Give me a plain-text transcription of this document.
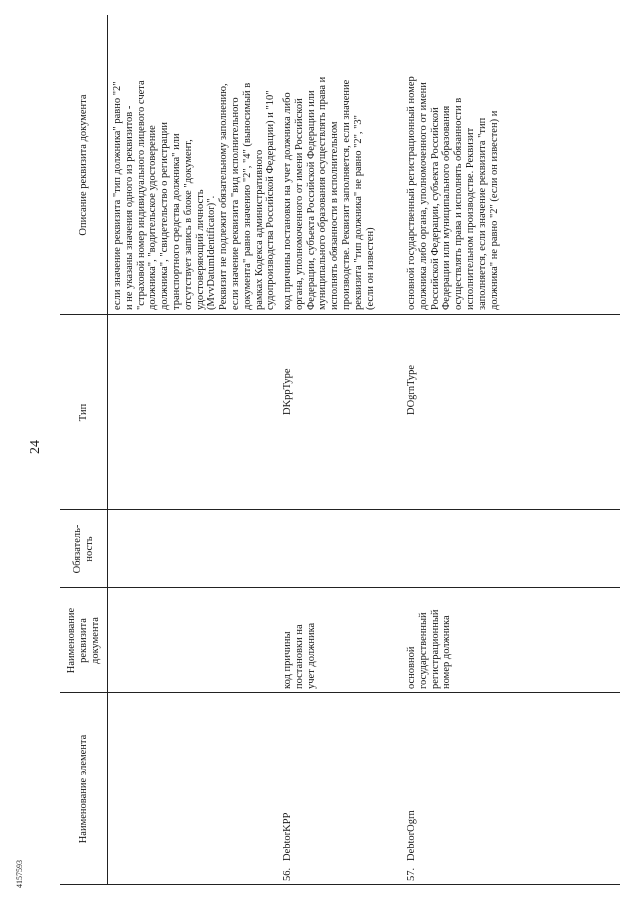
4157593
24
Наименование элемента
Наименование
реквизита
документа
Обязатель-
ность
Тип
Описание реквизита документа
если значение реквизита "тип должника" равно "2"
и не указаны значения одного из реквизитов -
"страховой номер индивидуального лицевого счета
должника", "водительское удостоверение
должника", "свидетельство о регистрации
транспортного средства должника" или
отсутствует запись в блоке "документ,
удостоверяющий личность
(MvvDatumIdentificator)".
Реквизит не подлежит обязательному заполнению,
если значение реквизита "вид исполнительного
документа" равно значению "2", "4" (выносимый в
рамках Кодекса административного
судопроизводства Российской Федерации) и "10"
56.
DebtorKPP
код причины
постановки на
учет должника
DKppType
код причины постановки на учет должника либо
органа, уполномоченного от имени Российской
Федерации, субъекта Российской Федерации или
муниципального образования осуществлять права и
исполнять обязанности в исполнительном
производстве. Реквизит заполняется, если значение
реквизита "тип должника" не равно "2", "3"
(если он известен)
57.
DebtorOgrn
основной
государственный
регистрационный
номер должника
DOgrnType
основной государственный регистрационный номер
должника либо органа, уполномоченного от имени
Российской Федерации, субъекта Российской
Федерации или муниципального образования
осуществлять права и исполнять обязанности в
исполнительном производстве. Реквизит
заполняется, если значение реквизита "тип
должника" не равно "2" (если он известен) и
